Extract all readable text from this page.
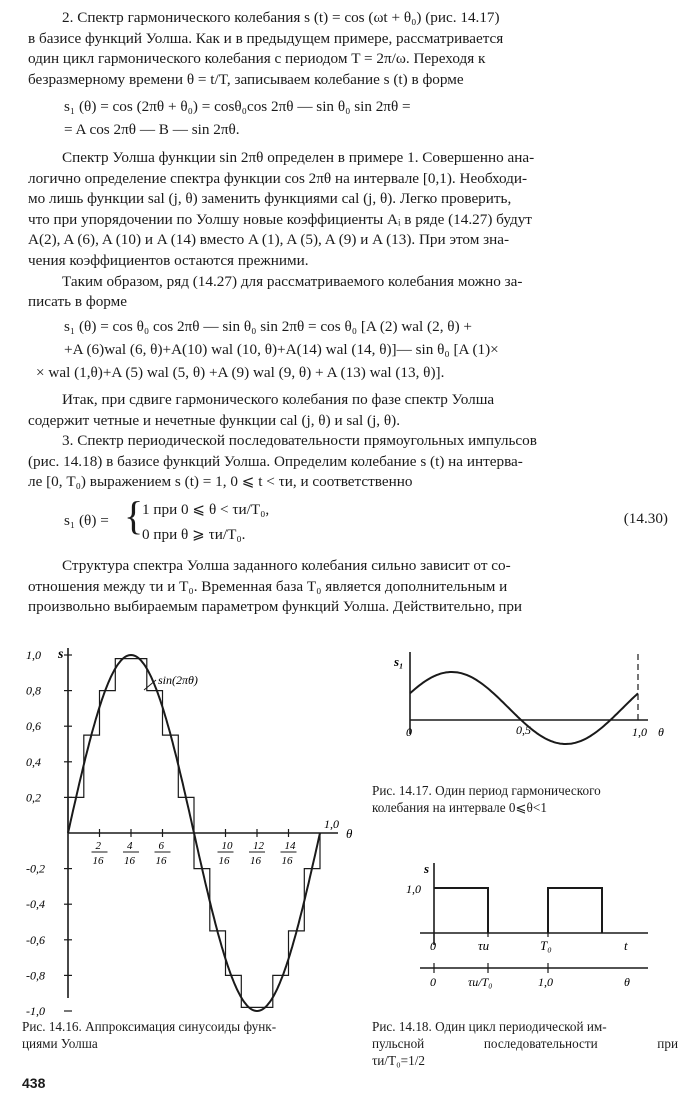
2. Спектр гармонического колебания s (t) = cos (ωt + θ₀) (рис. 14.17)
в базисе функций Уолша. Как и в предыдущем примере, рассматривается
один цикл гармонического колебания с периодом T = 2π/ω. Переходя к
безразмерному времени θ = t/T, записываем колебание s (t) в форме
s₁ (θ) = cos (2πθ + θ₀) = cosθ₀cos 2πθ — sin θ₀ sin 2πθ =
= A cos 2πθ — B — sin 2πθ.
Спектр Уолша функции sin 2πθ определен в примере 1. Совершенно ана-
логично определение спектра функции cos 2πθ на интервале [0,1). Необходи-
мо лишь функции sal (j, θ) заменить функциями cal (j, θ). Легко проверить,
что при упорядочении по Уолшу новые коэффициенты Aᵢ в ряде (14.27) будут
A(2), A (6), A (10) и A (14) вместо A (1), A (5), A (9) и A (13). При этом зна-
чения коэффициентов остаются прежними.
Таким образом, ряд (14.27) для рассматриваемого колебания можно за-
писать в форме
s₁ (θ) = cos θ₀ cos 2πθ — sin θ₀ sin 2πθ = cos θ₀ [A (2) wal (2, θ) +
+A (6)wal (6, θ)+A(10) wal (10, θ)+A(14) wal (14, θ)]— sin θ₀ [A (1)×
× wal (1,θ)+A (5) wal (5, θ) +A (9) wal (9, θ) + A (13) wal (13, θ)].
Итак, при сдвиге гармонического колебания по фазе спектр Уолша
содержит четные и нечетные функции cal (j, θ) и sal (j, θ).
3. Спектр периодической последовательности прямоугольных импульсов
(рис. 14.18) в базисе функций Уолша. Определим колебание s (t) на интерва-
ле [0, T₀) выражением s (t) = 1, 0 ⩽ t < τи, и соответственно
s₁ (θ) = {
1 при 0 ⩽ θ < τи/T₀,
0 при θ ⩾ τи/T₀.
(14.30)
Структура спектра Уолша заданного колебания сильно зависит от со-
отношения между τи и T₀. Временная база T₀ является дополнительным и
произвольно выбираемым параметром функций Уолша. Действительно, при
s
θ
1,0
sin(2πθ)
1,0
0,8
0,6
0,4
0,2
-0,2
-0,4
-0,6
-0,8
-1,0
2
16
4
16
6
16
10
16
12
16
14
16
Рис. 14.16. Аппроксимация синусоиды функ-
циями Уолша
s₁
θ
0	0,5	1,0
Рис. 14.17. Один период гармонического
колебания на интервале 0⩽θ<1
s
1,0
t
0	τи	T₀
0	τи/T₀	1,0	θ
Рис. 14.18. Один цикл периодической им-
пульсной последовательности при
τи/T₀=1/2
438
